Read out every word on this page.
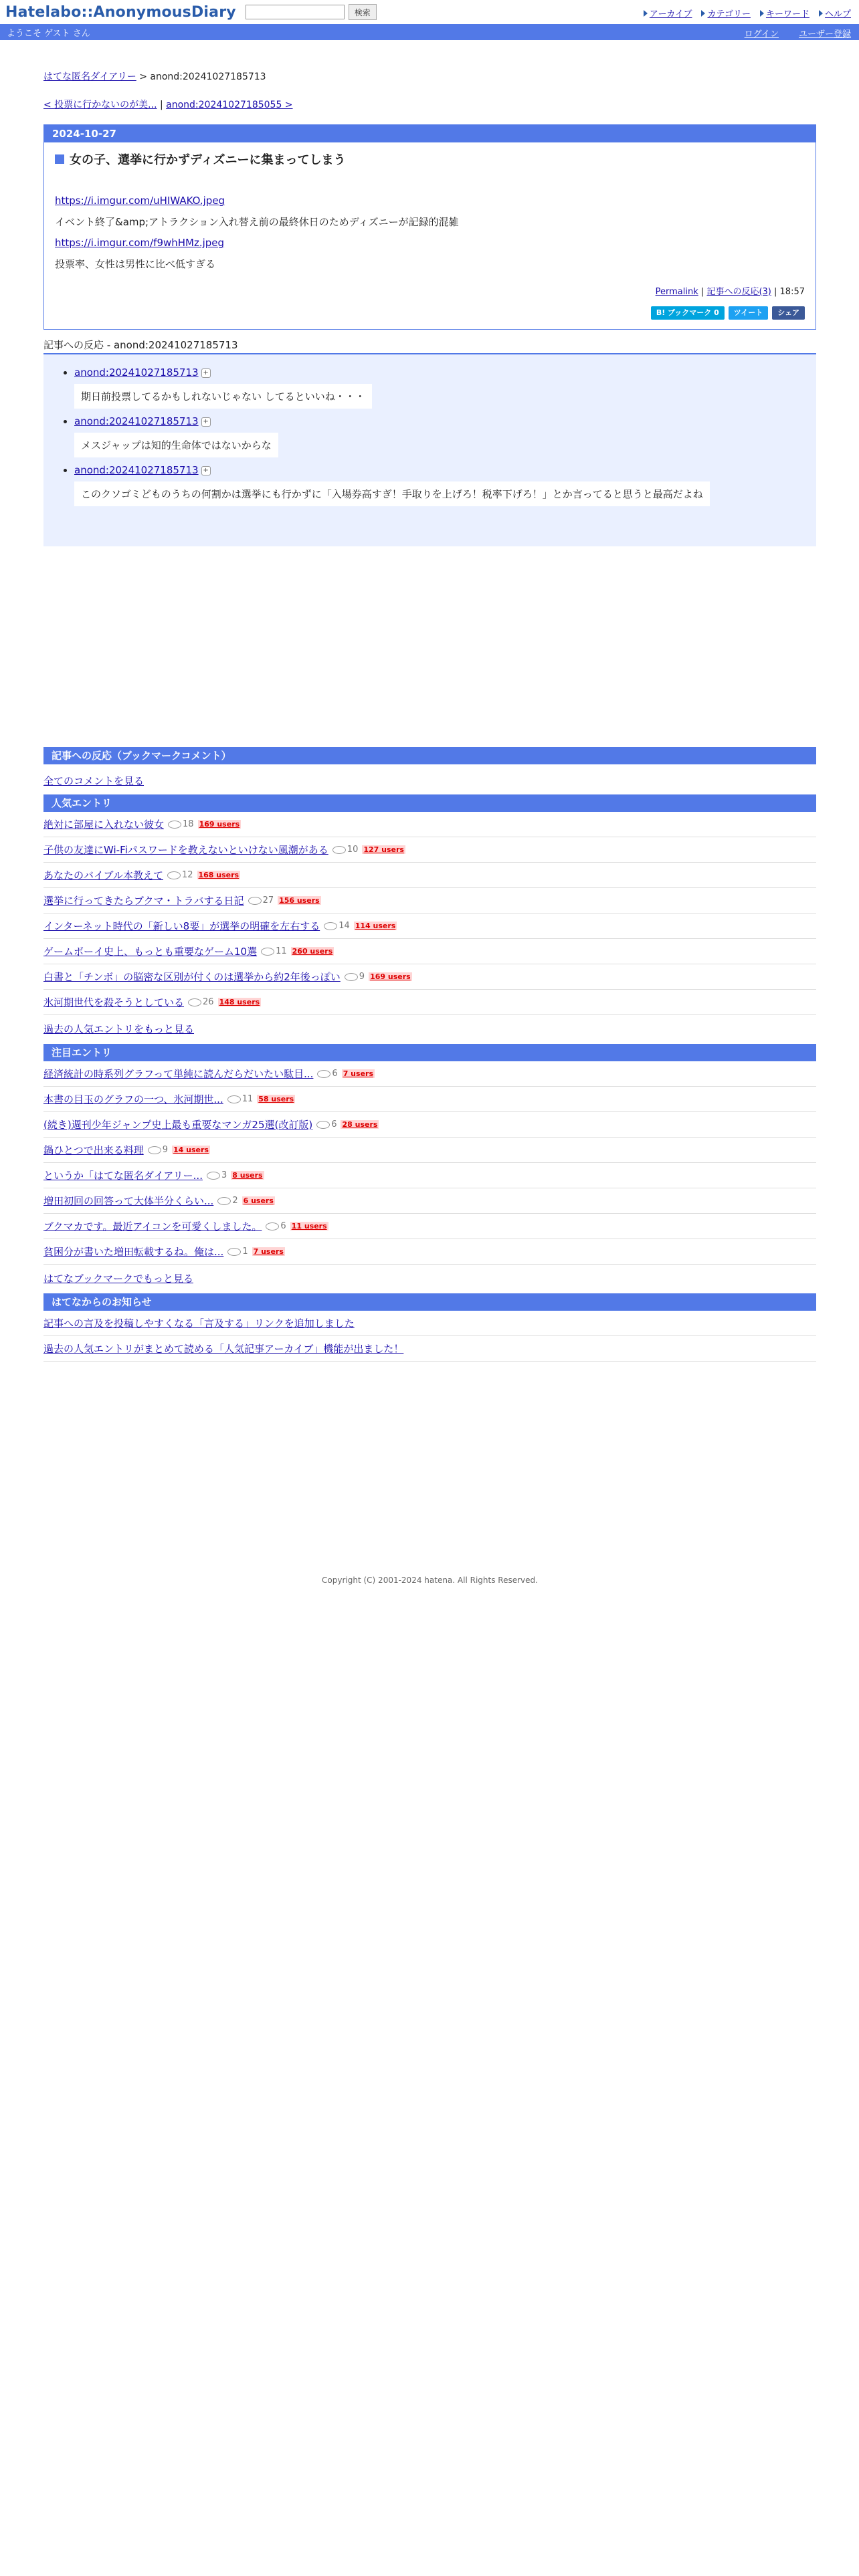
Hatelabo::AnonymousDiary	検索	アーカイブ	カテゴリー	キーワード	ヘルプ
ようこそ ゲスト さん	ログイン ユーザー登録
はてな匿名ダイアリー > anond:20241027185713
< 投票に行かないのが美... | anond:20241027185055 >
2024-10-27
女の子、選挙に行かずディズニーに集まってしまう

https://i.imgur.com/uHIWAKO.jpeg

イベント終了&amp;アトラクション入れ替え前の最終休日のためディズニーが記録的混雑

https://i.imgur.com/f9whHMz.jpeg

投票率、女性は男性に比べ低すぎる

Permalink | 記事への反応(3) | 18:57
B! ブックマーク 0	ツイート	シェア
記事への反応 - anond:20241027185713
• anond:20241027185713 +
期日前投票してるかもしれないじゃない してるといいね・・・
• anond:20241027185713 +
メスジャップは知的生命体ではないからな
• anond:20241027185713 +
このクソゴミどものうちの何割かは選挙にも行かずに「入場券高すぎ！手取りを上げろ！税率下げろ！」とか言ってると思うと最高だよね
記事への反応（ブックマークコメント）
全てのコメントを見る
人気エントリ
絶対に部屋に入れない彼女	18 169 users
子供の友達にWi-Fiパスワードを教えないといけない風潮がある	10 127 users
あなたのバイブル本教えて	12 168 users
選挙に行ってきたらブクマ・トラバする日記	27 156 users
インターネット時代の「新しい8要」が選挙の明確を左右する	14 114 users
ゲームボーイ史上、もっとも重要なゲーム10選	11 260 users
白書と「チンボ」の脳密な区別が付くのは選挙から約2年後っぽい	9 169 users
氷河期世代を殺そうとしている	26 148 users
過去の人気エントリをもっと見る
注目エントリ
経済統計の時系列グラフって単純に読んだらだいたい駄目...	6 7 users
本書の目玉のグラフの一つ、氷河期世...	11 58 users
(続き)週刊少年ジャンプ史上最も重要なマンガ25選(改訂版)	6 28 users
鍋ひとつで出来る料理	9 14 users
というか「はてな匿名ダイアリー...	3 8 users
増田初回の回答って大体半分くらい...	2 6 users
ブクマカです。最近アイコンを可愛くしました。	6 11 users
貧困分が書いた増田転載するね。俺は...	1 7 users
はてなブックマークでもっと見る
はてなからのお知らせ
記事への言及を投稿しやすくなる「言及する」リンクを追加しました
過去の人気エントリがまとめて読める「人気記事アーカイブ」機能が出ました！
Copyright (C) 2001-2024 hatena. All Rights Reserved.
